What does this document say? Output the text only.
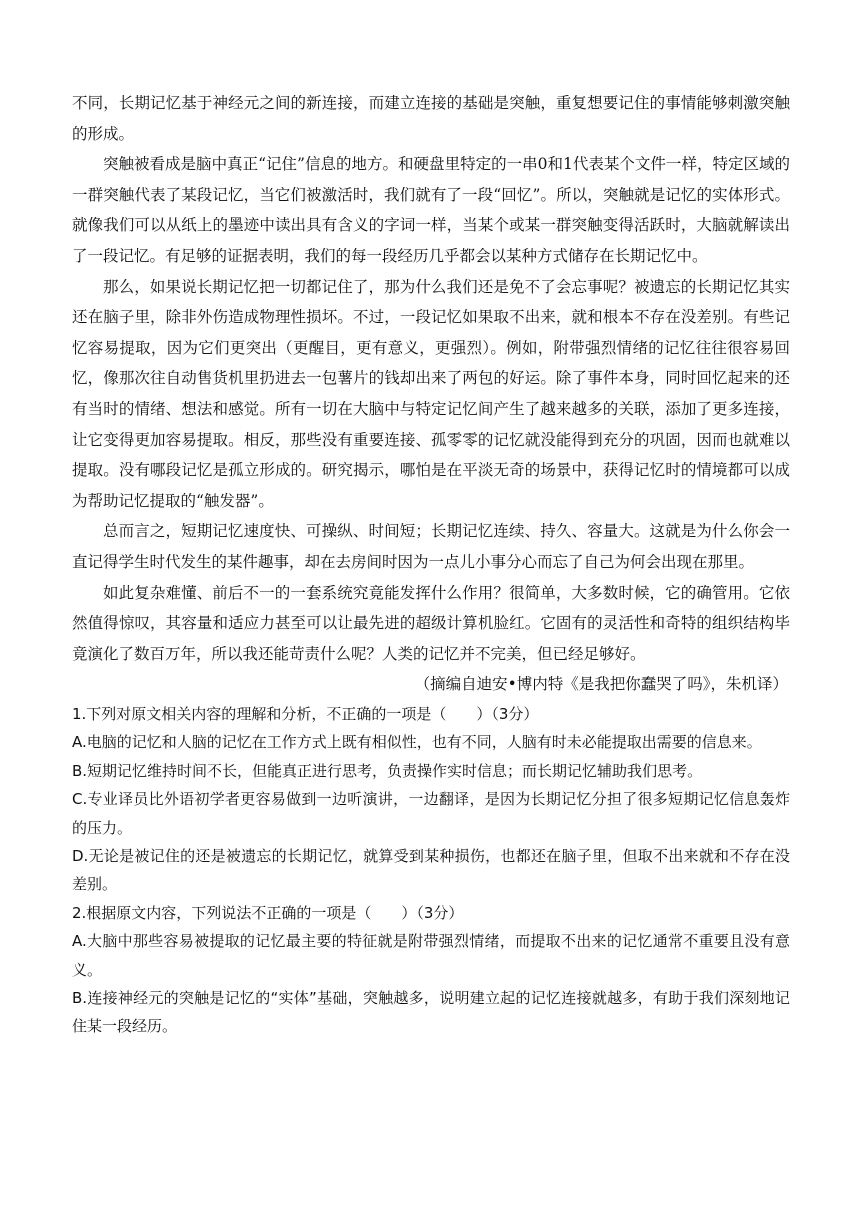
不同，长期记忆基于神经元之间的新连接，而建立连接的基础是突触，重复想要记住的事情能够刺激突触的形成。

突触被看成是脑中真正“记住”信息的地方。和硬盘里特定的一串0和1代表某个文件一样，特定区域的一群突触代表了某段记忆，当它们被激活时，我们就有了一段“回忆”。所以，突触就是记忆的实体形式。就像我们可以从纸上的墨迹中读出具有含义的字词一样，当某个或某一群突触变得活跃时，大脑就解读出了一段记忆。有足够的证据表明，我们的每一段经历几乎都会以某种方式储存在长期记忆中。

那么，如果说长期记忆把一切都记住了，那为什么我们还是免不了会忘事呢？被遗忘的长期记忆其实还在脑子里，除非外伤造成物理性损坏。不过，一段记忆如果取不出来，就和根本不存在没差别。有些记忆容易提取，因为它们更突出（更醒目，更有意义，更强烈）。例如，附带强烈情绪的记忆往往很容易回忆，像那次往自动售货机里扔进去一包薯片的钱却出来了两包的好运。除了事件本身，同时回忆起来的还有当时的情绪、想法和感觉。所有一切在大脑中与特定记忆间产生了越来越多的关联，添加了更多连接，让它变得更加容易提取。相反，那些没有重要连接、孤零零的记忆就没能得到充分的巩固，因而也就难以提取。没有哪段记忆是孤立形成的。研究揭示，哪怕是在平淡无奇的场景中，获得记忆时的情境都可以成为帮助记忆提取的“触发器”。

总而言之，短期记忆速度快、可操纵、时间短；长期记忆连续、持久、容量大。这就是为什么你会一直记得学生时代发生的某件趣事，却在去房间时因为一点儿小事分心而忘了自己为何会出现在那里。

如此复杂难懂、前后不一的一套系统究竟能发挥什么作用？很简单，大多数时候，它的确管用。它依然值得惊叹，其容量和适应力甚至可以让最先进的超级计算机脸红。它固有的灵活性和奇特的组织结构毕竟演化了数百万年，所以我还能苛责什么呢？人类的记忆并不完美，但已经足够好。

（摘编自迪安•博内特《是我把你蠢哭了吗》，朱机译）

1.下列对原文相关内容的理解和分析，不正确的一项是（　　）（3分）

A.电脑的记忆和人脑的记忆在工作方式上既有相似性，也有不同，人脑有时未必能提取出需要的信息来。

B.短期记忆维持时间不长，但能真正进行思考，负责操作实时信息；而长期记忆辅助我们思考。

C.专业译员比外语初学者更容易做到一边听演讲，一边翻译，是因为长期记忆分担了很多短期记忆信息轰炸的压力。

D.无论是被记住的还是被遗忘的长期记忆，就算受到某种损伤，也都还在脑子里，但取不出来就和不存在没差别。

2.根据原文内容，下列说法不正确的一项是（　　）（3分）

A.大脑中那些容易被提取的记忆最主要的特征就是附带强烈情绪，而提取不出来的记忆通常不重要且没有意义。

B.连接神经元的突触是记忆的“实体”基础，突触越多，说明建立起的记忆连接就越多，有助于我们深刻地记住某一段经历。
